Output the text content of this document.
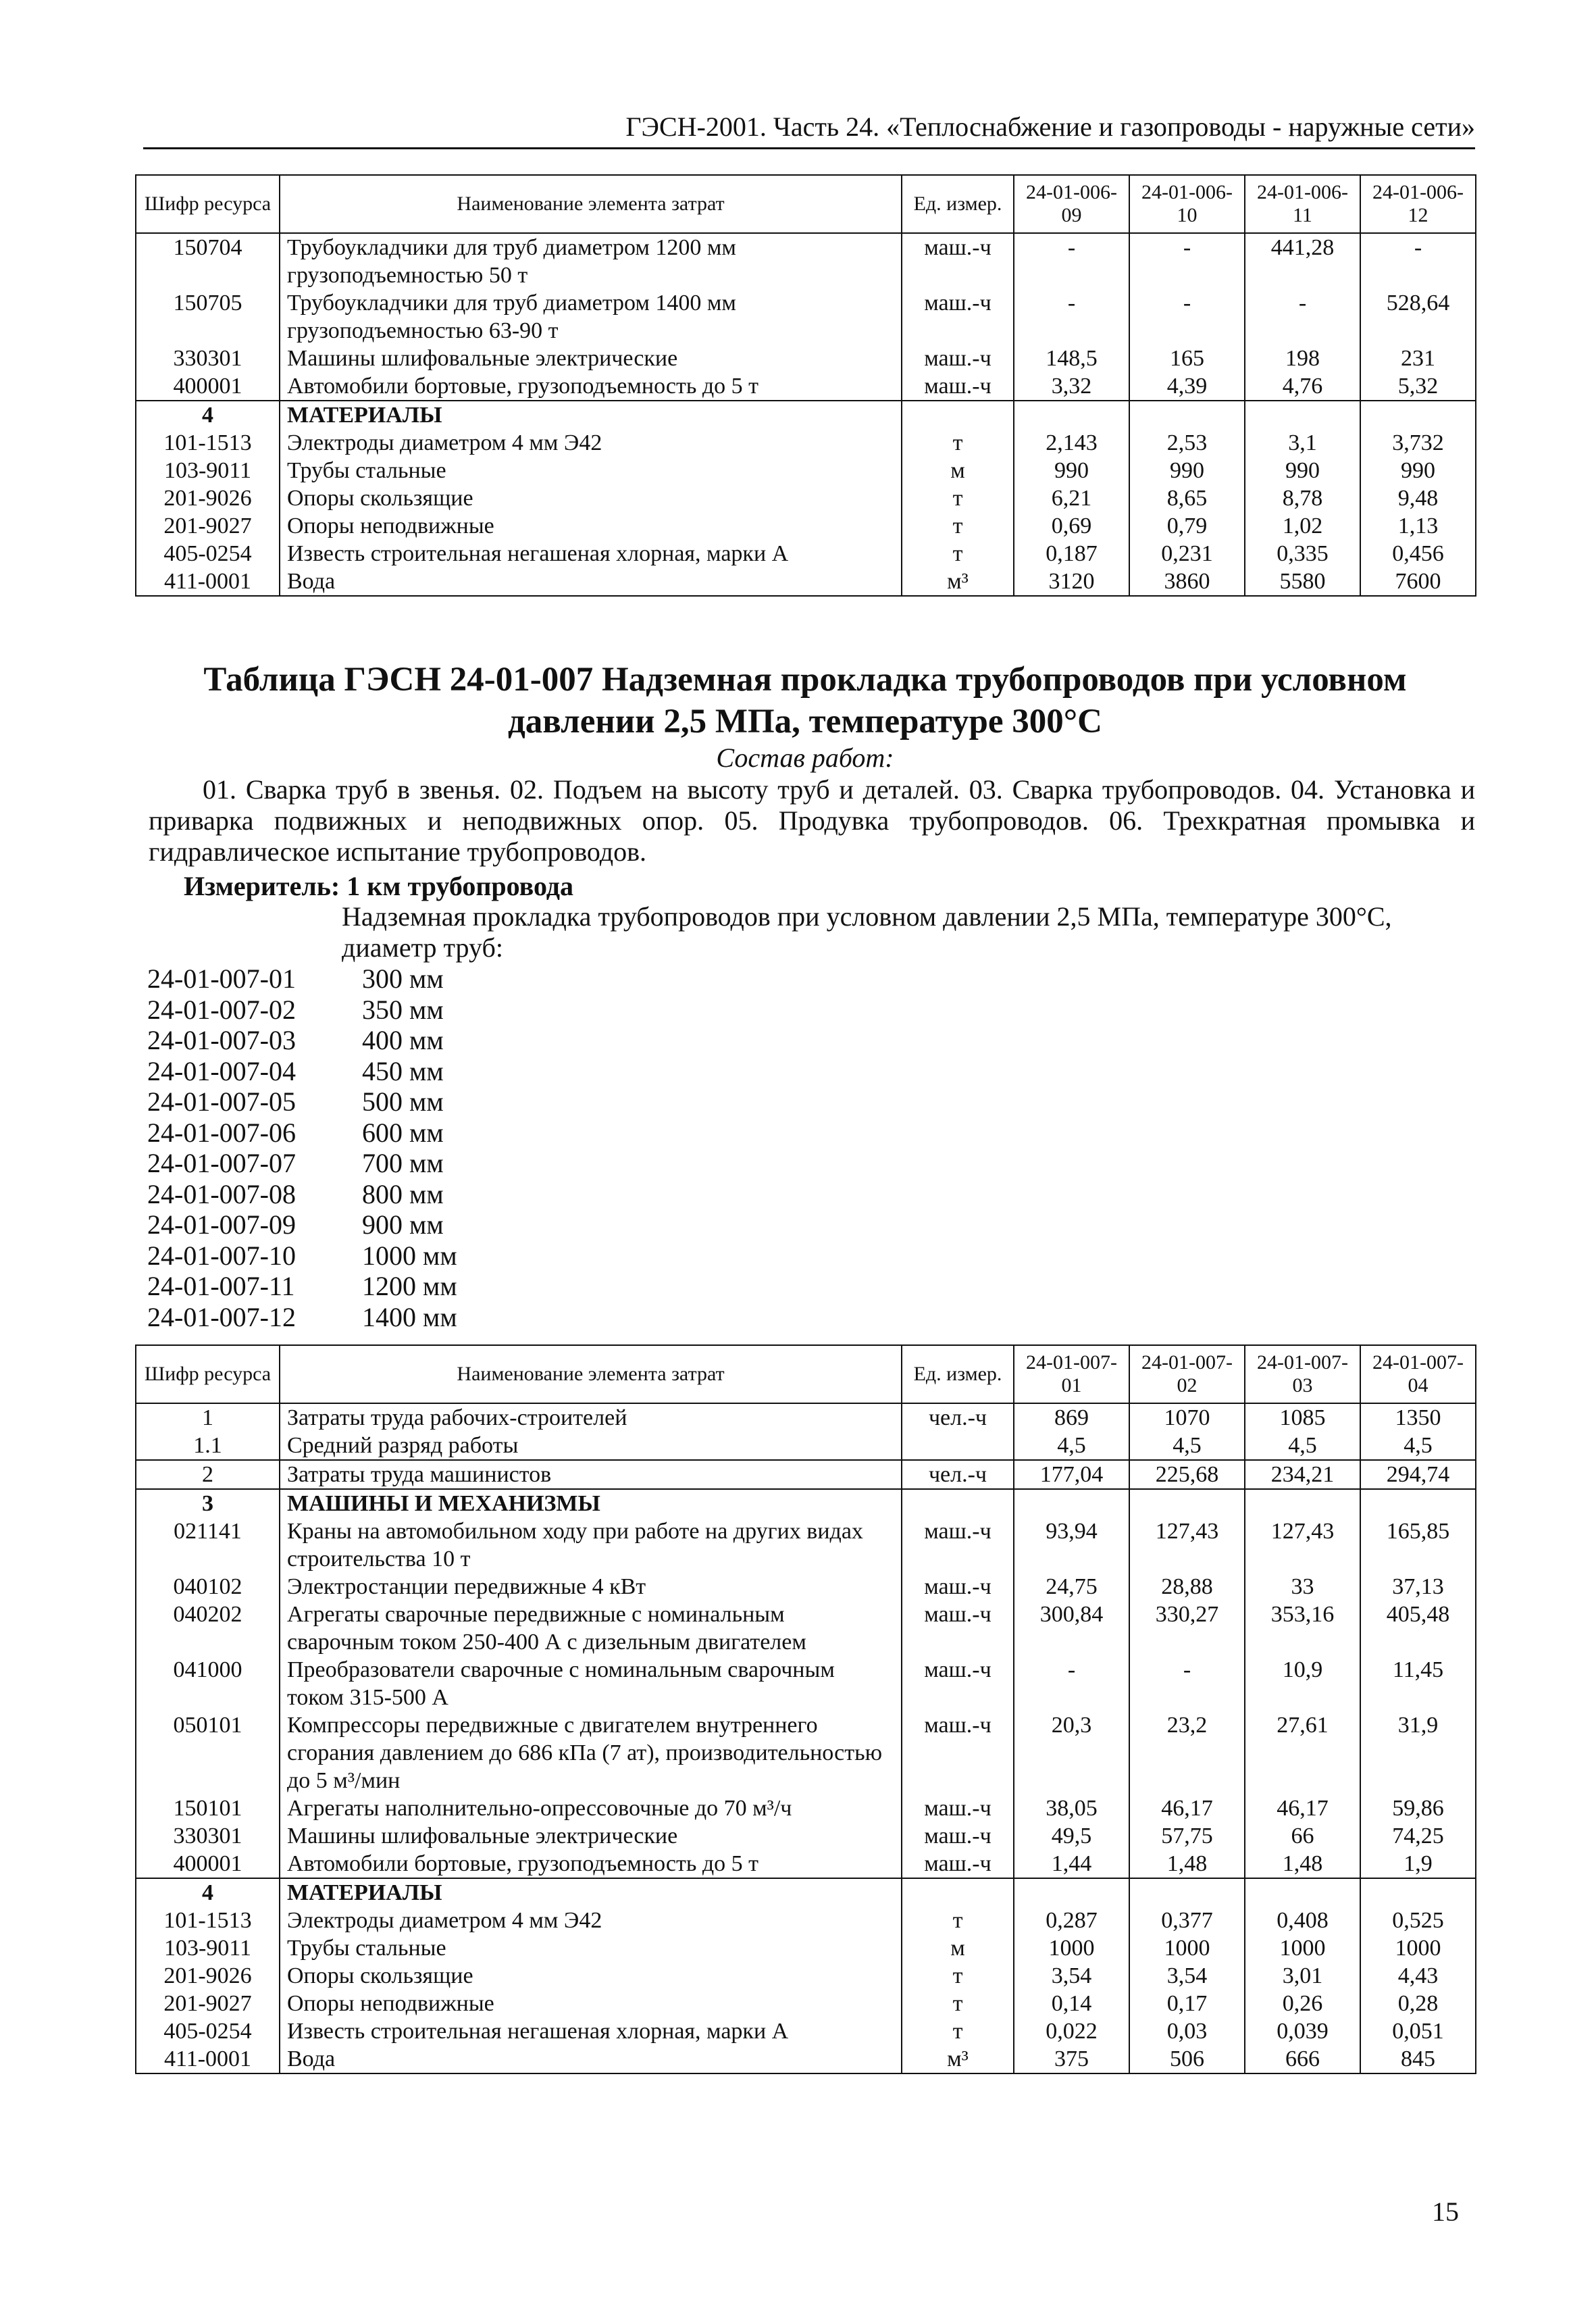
ГЭСН-2001. Часть 24. «Теплоснабжение и газопроводы - наружные сети»
Шифр ресурса	Наименование элемента затрат	Ед. измер.	24-01-006-09	24-01-006-10	24-01-006-11	24-01-006-12
150704	Трубоукладчики для труб диаметром 1200 мм грузоподъемностью 50 т	маш.-ч	-	-	441,28	-
150705	Трубоукладчики для труб диаметром 1400 мм грузоподъемностью 63-90 т	маш.-ч	-	-	-	528,64
330301	Машины шлифовальные электрические	маш.-ч	148,5	165	198	231
400001	Автомобили бортовые, грузоподъемность до 5 т	маш.-ч	3,32	4,39	4,76	5,32
4	МАТЕРИАЛЫ					
101-1513	Электроды диаметром 4 мм Э42	т	2,143	2,53	3,1	3,732
103-9011	Трубы стальные	м	990	990	990	990
201-9026	Опоры скользящие	т	6,21	8,65	8,78	9,48
201-9027	Опоры неподвижные	т	0,69	0,79	1,02	1,13
405-0254	Известь строительная негашеная хлорная, марки А	т	0,187	0,231	0,335	0,456
411-0001	Вода	м³	3120	3860	5580	7600
Таблица ГЭСН 24-01-007 Надземная прокладка трубопроводов при условном давлении 2,5 МПа, температуре 300°С
Состав работ:
01. Сварка труб в звенья. 02. Подъем на высоту труб и деталей. 03. Сварка трубопроводов. 04. Установка и приварка подвижных и неподвижных опор. 05. Продувка трубопроводов. 06. Трехкратная промывка и гидравлическое испытание трубопроводов.
Измеритель: 1 км трубопровода
Надземная прокладка трубопроводов при условном давлении 2,5 МПа, температуре 300°С, диаметр труб:
24-01-007-01 300 мм
24-01-007-02 350 мм
24-01-007-03 400 мм
24-01-007-04 450 мм
24-01-007-05 500 мм
24-01-007-06 600 мм
24-01-007-07 700 мм
24-01-007-08 800 мм
24-01-007-09 900 мм
24-01-007-10 1000 мм
24-01-007-11 1200 мм
24-01-007-12 1400 мм
Шифр ресурса	Наименование элемента затрат	Ед. измер.	24-01-007-01	24-01-007-02	24-01-007-03	24-01-007-04
1	Затраты труда рабочих-строителей	чел.-ч	869	1070	1085	1350
1.1	Средний разряд работы		4,5	4,5	4,5	4,5
2	Затраты труда машинистов	чел.-ч	177,04	225,68	234,21	294,74
3	МАШИНЫ И МЕХАНИЗМЫ					
021141	Краны на автомобильном ходу при работе на других видах строительства 10 т	маш.-ч	93,94	127,43	127,43	165,85
040102	Электростанции передвижные 4 кВт	маш.-ч	24,75	28,88	33	37,13
040202	Агрегаты сварочные передвижные с номинальным сварочным током 250-400 А с дизельным двигателем	маш.-ч	300,84	330,27	353,16	405,48
041000	Преобразователи сварочные с номинальным сварочным током 315-500 А	маш.-ч	-	-	10,9	11,45
050101	Компрессоры передвижные с двигателем внутреннего сгорания давлением до 686 кПа (7 ат), производительностью до 5 м³/мин	маш.-ч	20,3	23,2	27,61	31,9
150101	Агрегаты наполнительно-опрессовочные до 70 м³/ч	маш.-ч	38,05	46,17	46,17	59,86
330301	Машины шлифовальные электрические	маш.-ч	49,5	57,75	66	74,25
400001	Автомобили бортовые, грузоподъемность до 5 т	маш.-ч	1,44	1,48	1,48	1,9
4	МАТЕРИАЛЫ					
101-1513	Электроды диаметром 4 мм Э42	т	0,287	0,377	0,408	0,525
103-9011	Трубы стальные	м	1000	1000	1000	1000
201-9026	Опоры скользящие	т	3,54	3,54	3,01	4,43
201-9027	Опоры неподвижные	т	0,14	0,17	0,26	0,28
405-0254	Известь строительная негашеная хлорная, марки А	т	0,022	0,03	0,039	0,051
411-0001	Вода	м³	375	506	666	845
15
